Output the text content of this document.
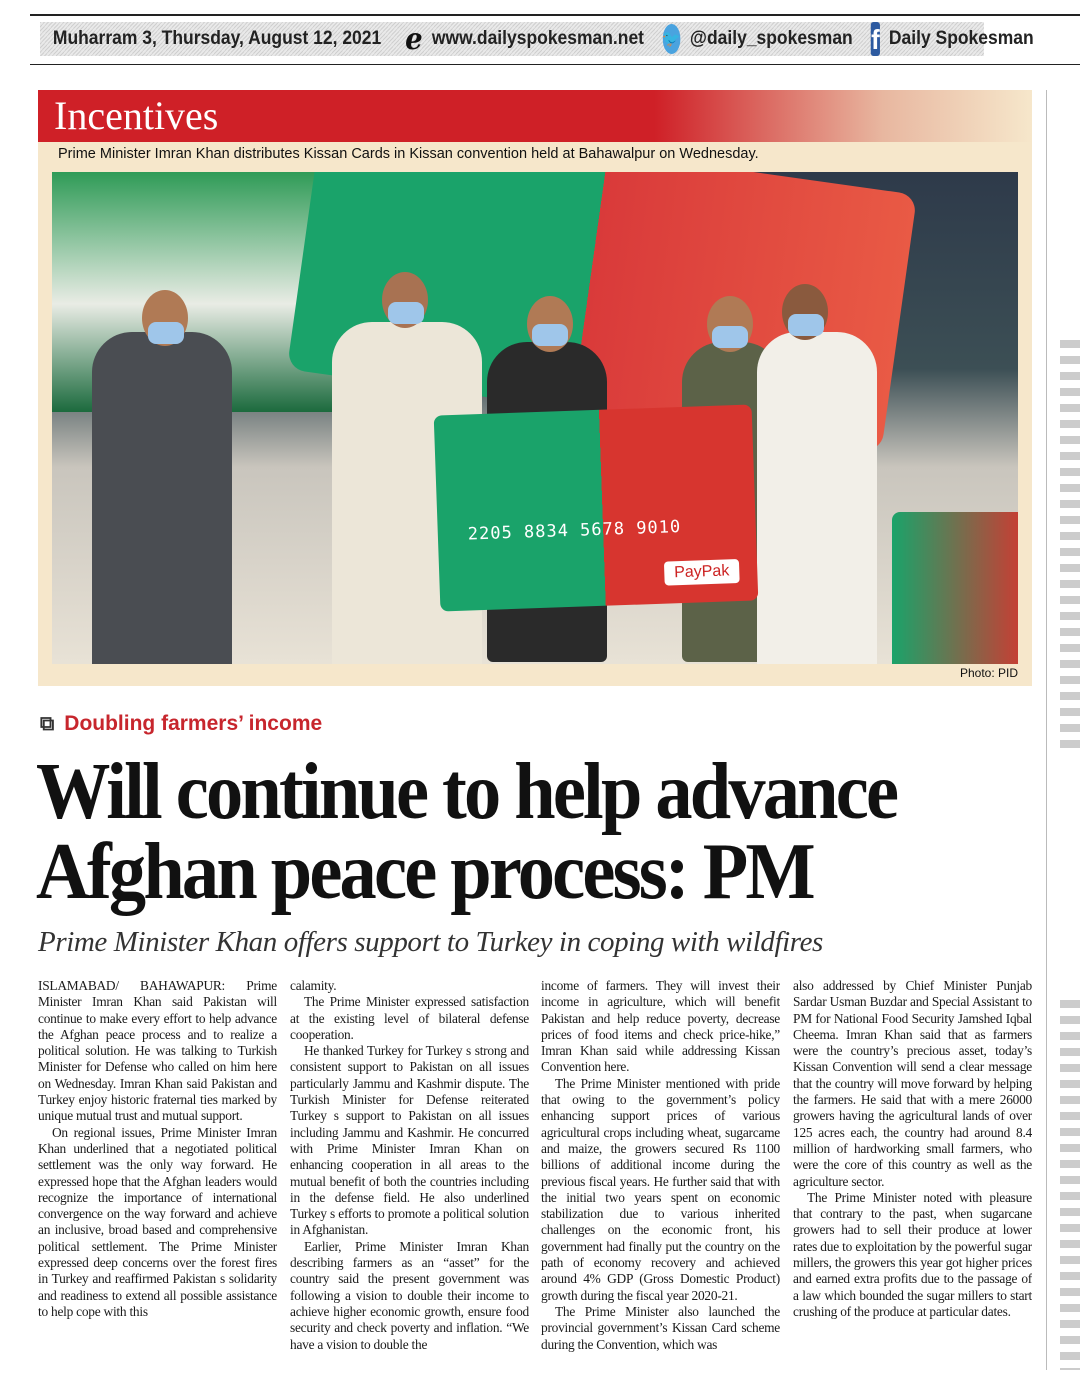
Muharram 3, Thursday, August 12, 2021 e www.dailyspokesman.net 🐦 @daily_spokesman f Daily Spokesman
Incentives
Prime Minister Imran Khan distributes Kissan Cards in Kissan convention held at Bahawalpur on Wednesday.
2205 8834 5678 9010
PayPak
Photo: PID
⧉ Doubling farmers’ income
Will continue to help advance Afghan peace process: PM
Prime Minister Khan offers support to Turkey in coping with wildfires

ISLAMABAD/ BAHAWAPUR: Prime Minister Imran Khan said Pakistan will continue to make every effort to help advance the Afghan peace process and to realize a political solution. He was talking to Turkish Minister for Defense who called on him here on Wednesday. Imran Khan said Pakistan and Turkey enjoy historic fraternal ties marked by unique mutual trust and mutual support.

On regional issues, Prime Minister Imran Khan underlined that a negotiated political settlement was the only way forward. He expressed hope that the Afghan leaders would recognize the importance of international convergence on the way forward and achieve an inclusive, broad based and comprehensive political settlement. The Prime Minister expressed deep concerns over the forest fires in Turkey and reaffirmed Pakistan s solidarity and readiness to extend all possible assistance to help cope with this

calamity.

The Prime Minister expressed satisfaction at the existing level of bilateral defense cooperation.

He thanked Turkey for Turkey s strong and consistent support to Pakistan on all issues particularly Jammu and Kashmir dispute. The Turkish Minister for Defense reiterated Turkey s support to Pakistan on all issues including Jammu and Kashmir. He concurred with Prime Minister Imran Khan on enhancing cooperation in all areas to the mutual benefit of both the countries including in the defense field. He also underlined Turkey s efforts to promote a political solution in Afghanistan.

Earlier, Prime Minister Imran Khan describing farmers as an “asset” for the country said the present government was following a vision to double their income to achieve higher economic growth, ensure food security and check poverty and inflation. “We have a vision to double the

income of farmers. They will invest their income in agriculture, which will benefit Pakistan and help reduce poverty, decrease prices of food items and check price-hike,” Imran Khan said while addressing Kissan Convention here.

The Prime Minister mentioned with pride that owing to the government’s policy enhancing support prices of various agricultural crops including wheat, sugarcame and maize, the growers secured Rs 1100 billions of additional income during the previous fiscal years. He further said that with the initial two years spent on economic stabilization due to various inherited challenges on the economic front, his government had finally put the country on the path of economy recovery and achieved around 4% GDP (Gross Domestic Product) growth during the fiscal year 2020-21.

The Prime Minister also launched the provincial government’s Kissan Card scheme during the Convention, which was

also addressed by Chief Minister Punjab Sardar Usman Buzdar and Special Assistant to PM for National Food Security Jamshed Iqbal Cheema. Imran Khan said that as farmers were the country’s precious asset, today’s Kissan Convention will send a clear message that the country will move forward by helping the farmers. He said that with a mere 26000 growers having the agricultural lands of over 125 acres each, the country had around 8.4 million of hardworking small farmers, who were the core of this country as well as the agriculture sector.

The Prime Minister noted with pleasure that contrary to the past, when sugarcane growers had to sell their produce at lower rates due to exploitation by the powerful sugar millers, the growers this year got higher prices and earned extra profits due to the passage of a law which bounded the sugar millers to start crushing of the produce at particular dates.
